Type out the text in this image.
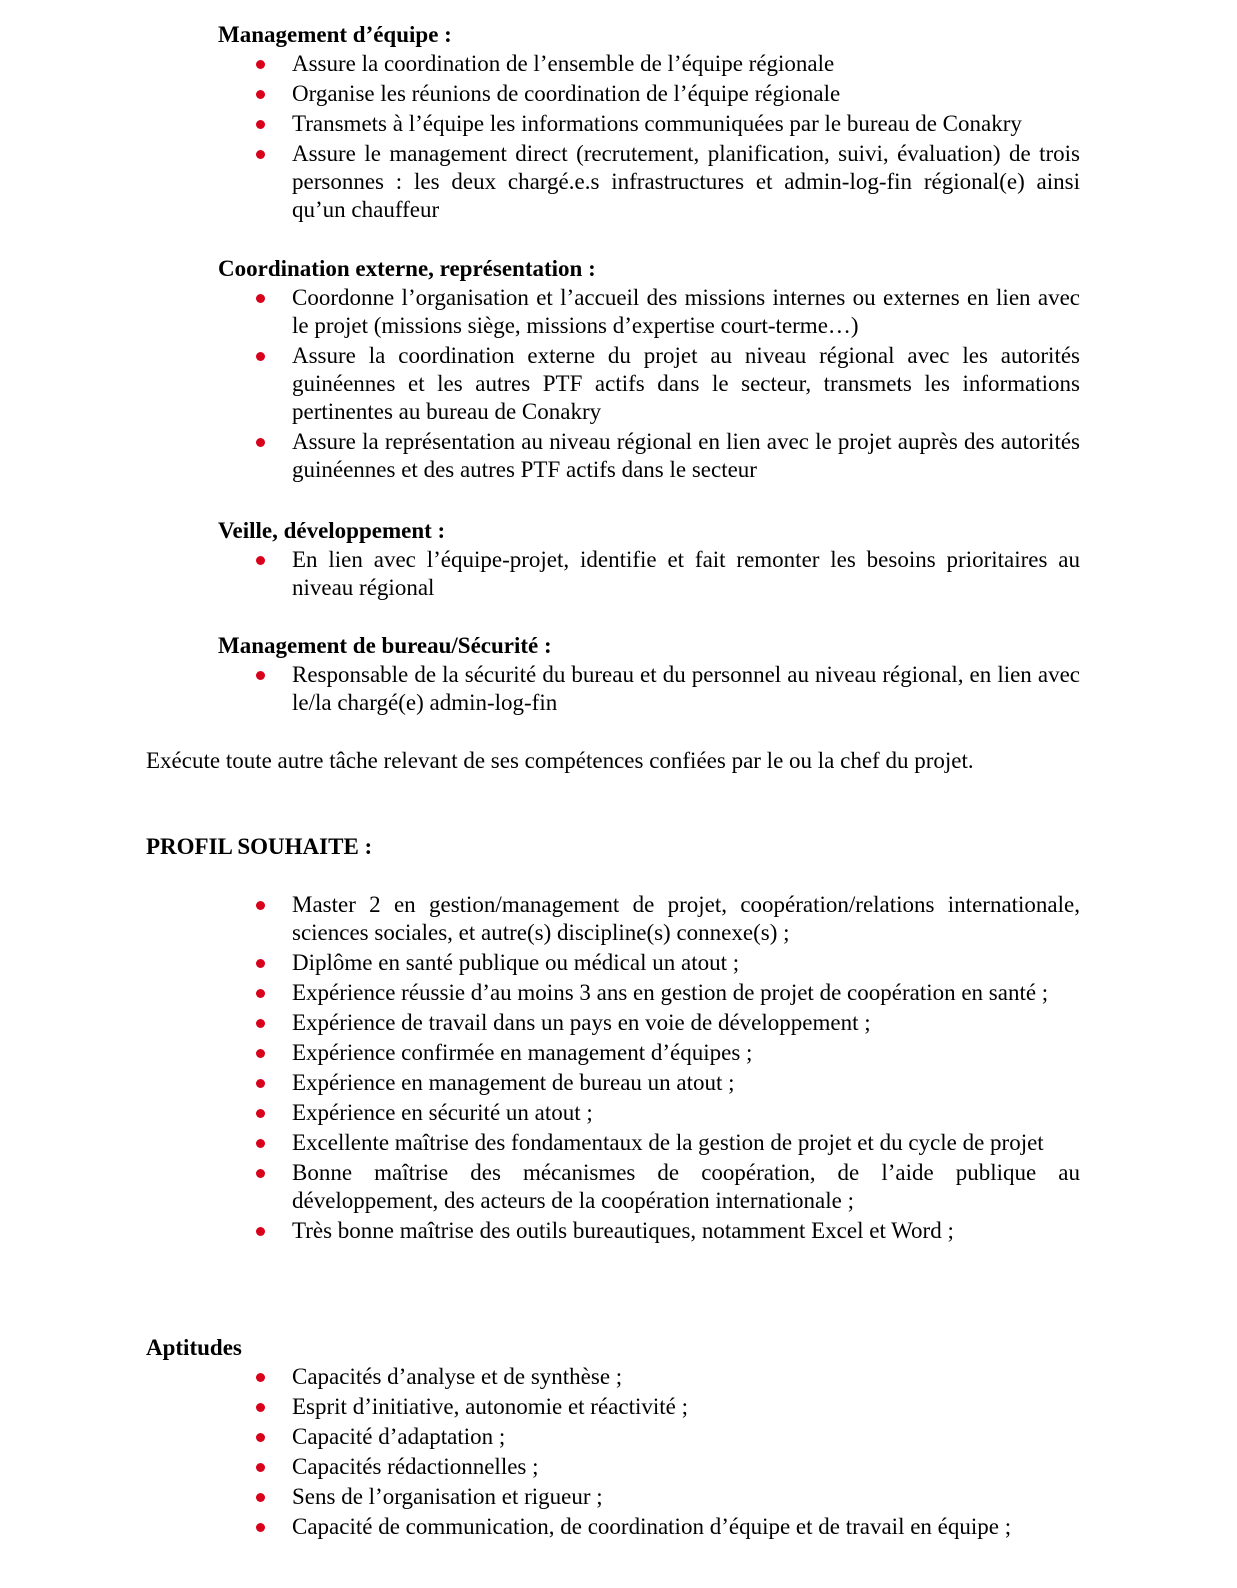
Management d’équipe :

Assure la coordination de l’ensemble de l’équipe régionale
Organise les réunions de coordination de l’équipe régionale
Transmets à l’équipe les informations communiquées par le bureau de Conakry
Assure le management direct (recrutement, planification, suivi, évaluation) de trois personnes : les deux chargé.e.s infrastructures et admin-log-fin régional(e) ainsi qu’un chauffeur

Coordination externe, représentation :

Coordonne l’organisation et l’accueil des missions internes ou externes en lien avec le projet (missions siège, missions d’expertise court-terme…)
Assure la coordination externe du projet au niveau régional avec les autorités guinéennes et les autres PTF actifs dans le secteur, transmets les informations pertinentes au bureau de Conakry
Assure la représentation au niveau régional en lien avec le projet auprès des autorités guinéennes et des autres PTF actifs dans le secteur

Veille, développement :

En lien avec l’équipe-projet, identifie et fait remonter les besoins prioritaires au niveau régional

Management de bureau/Sécurité :

Responsable de la sécurité du bureau et du personnel au niveau régional, en lien avec le/la chargé(e) admin-log-fin

Exécute toute autre tâche relevant de ses compétences confiées par le ou la chef du projet.

PROFIL SOUHAITE :

Master 2 en gestion/management de projet, coopération/relations internationale, sciences sociales, et autre(s) discipline(s) connexe(s) ;
Diplôme en santé publique ou médical un atout ;
Expérience réussie d’au moins 3 ans en gestion de projet de coopération en santé ;
Expérience de travail dans un pays en voie de développement ;
Expérience confirmée en management d’équipes ;
Expérience en management de bureau un atout ;
Expérience en sécurité un atout ;
Excellente maîtrise des fondamentaux de la gestion de projet et du cycle de projet
Bonne maîtrise des mécanismes de coopération, de l’aide publique au développement, des acteurs de la coopération internationale ;
Très bonne maîtrise des outils bureautiques, notamment Excel et Word ;

Aptitudes

Capacités d’analyse et de synthèse ;
Esprit d’initiative, autonomie et réactivité ;
Capacité d’adaptation ;
Capacités rédactionnelles ;
Sens de l’organisation et rigueur ;
Capacité de communication, de coordination d’équipe et de travail en équipe ;
